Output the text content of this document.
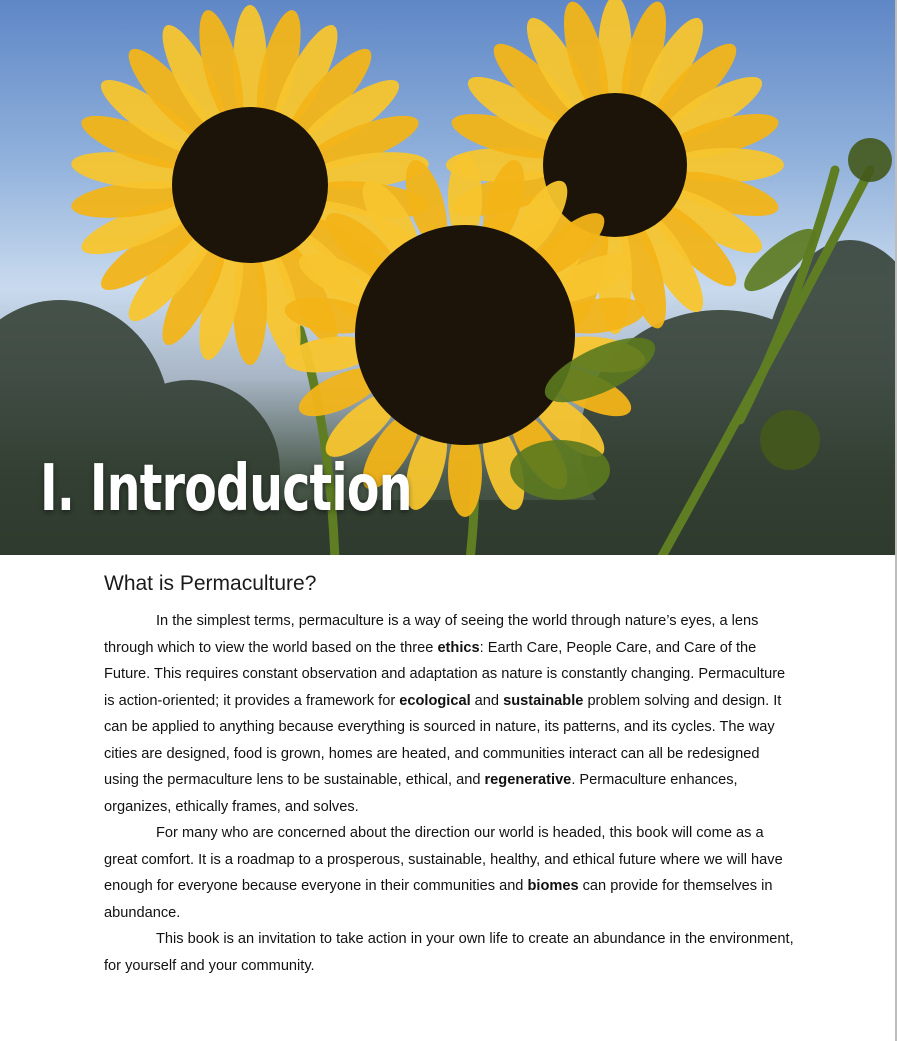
I. Introduction
What is Permaculture?

In the simplest terms, permaculture is a way of seeing the world through nature’s eyes, a lens through which to view the world based on the three ethics: Earth Care, People Care, and Care of the Future. This requires constant observation and adaptation as nature is constantly changing. Permaculture is action-oriented; it provides a framework for ecological and sustainable problem solving and design. It can be applied to anything because everything is sourced in nature, its patterns, and its cycles. The way cities are designed, food is grown, homes are heated, and communities interact can all be redesigned using the permaculture lens to be sustainable, ethical, and regenerative. Permaculture enhances, organizes, ethically frames, and solves.

For many who are concerned about the direction our world is headed, this book will come as a great comfort. It is a roadmap to a prosperous, sustainable, healthy, and ethical future where we will have enough for everyone because everyone in their communities and biomes can provide for themselves in abundance.

This book is an invitation to take action in your own life to create an abundance in the environment, for yourself and your community.
